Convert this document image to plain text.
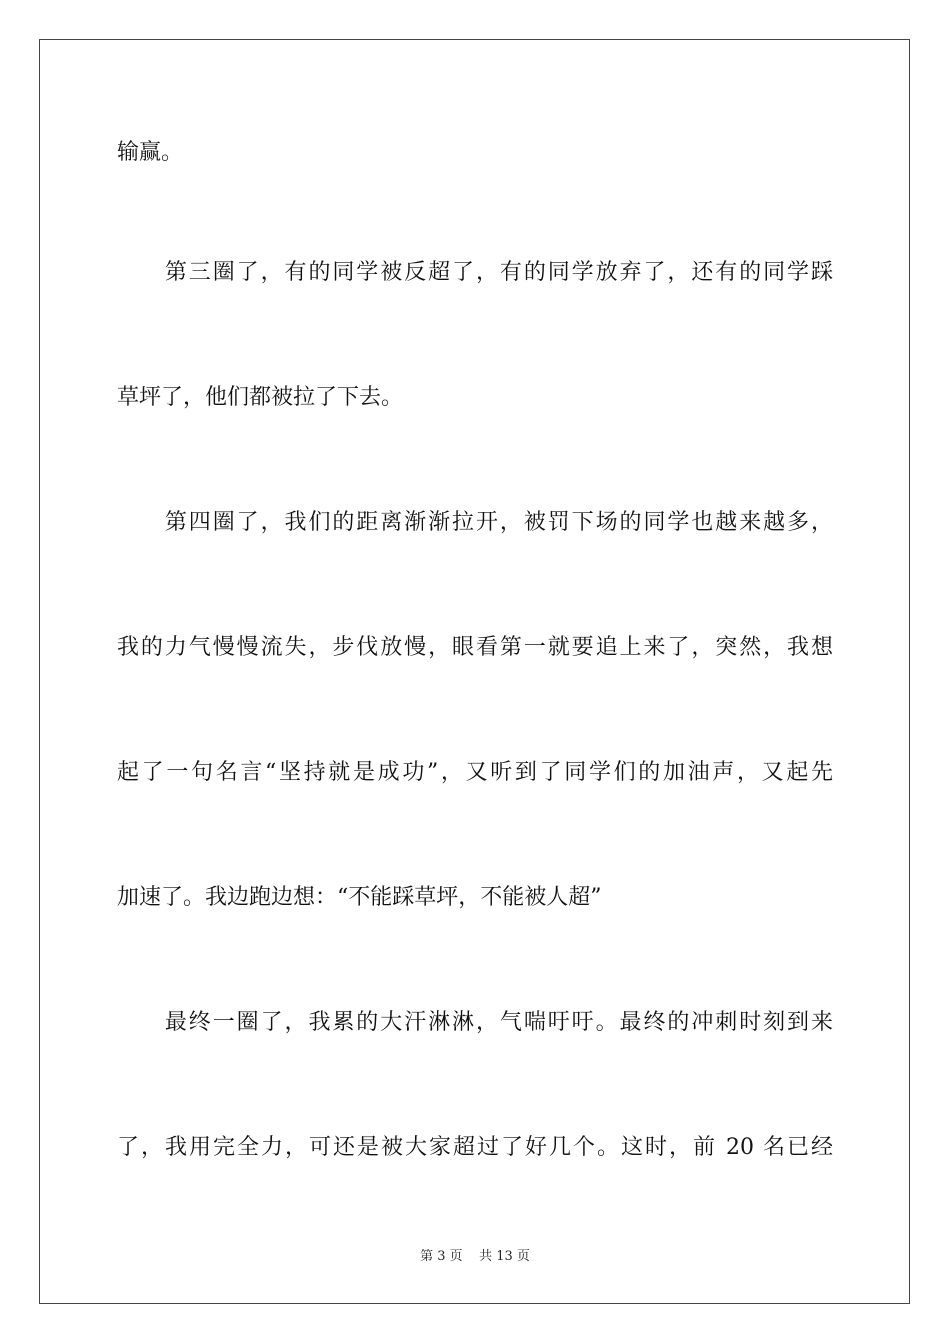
输赢。
　　第三圈了，有的同学被反超了，有的同学放弃了，还有的同学踩
草坪了，他们都被拉了下去。
　　第四圈了，我们的距离渐渐拉开，被罚下场的同学也越来越多，
我的力气慢慢流失，步伐放慢，眼看第一就要追上来了，突然，我想
起了一句名言“坚持就是成功”，又听到了同学们的加油声，又起先
加速了。我边跑边想：“不能踩草坪，不能被人超”
　　最终一圈了，我累的大汗淋淋，气喘吁吁。最终的冲刺时刻到来
了，我用完全力，可还是被大家超过了好几个。这时，前 20 名已经
第 3 页    共 13 页
